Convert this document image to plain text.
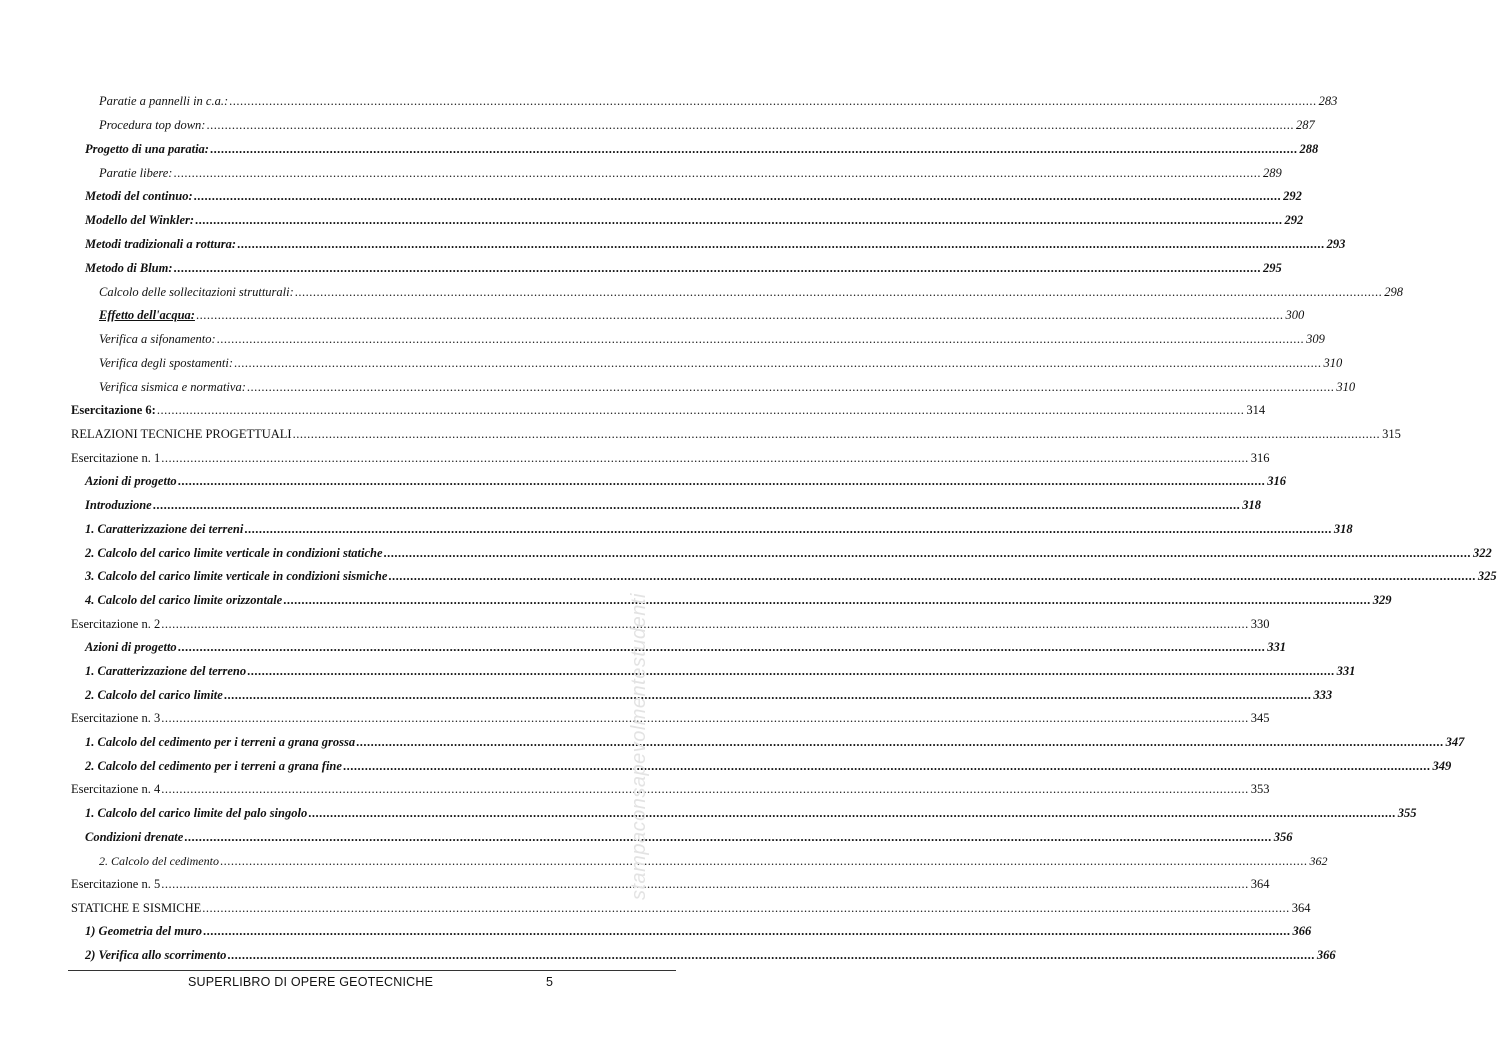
Paratie a pannelli in c.a.: ............................................................................................................................................................................................................................................................................................................ 283
Procedura top down: ............................................................................................................................................................................................................................................................................................................ 287
Progetto di una paratia: ............................................................................................................................................................................................................................................................................................................ 288
Paratie libere: ............................................................................................................................................................................................................................................................................................................ 289
Metodi del continuo: ............................................................................................................................................................................................................................................................................................................ 292
Modello del Winkler: ............................................................................................................................................................................................................................................................................................................ 292
Metodi tradizionali a rottura: ............................................................................................................................................................................................................................................................................................................ 293
Metodo di Blum: ............................................................................................................................................................................................................................................................................................................ 295
Calcolo delle sollecitazioni strutturali: ............................................................................................................................................................................................................................................................................................................ 298
Effetto dell'acqua: ............................................................................................................................................................................................................................................................................................................ 300
Verifica a sifonamento: ............................................................................................................................................................................................................................................................................................................ 309
Verifica degli spostamenti: ............................................................................................................................................................................................................................................................................................................ 310
Verifica sismica e normativa: ............................................................................................................................................................................................................................................................................................................ 310
Esercitazione 6: ............................................................................................................................................................................................................................................................................................................ 314
RELAZIONI TECNICHE PROGETTUALI ............................................................................................................................................................................................................................................................................................................ 315
Esercitazione n. 1 ............................................................................................................................................................................................................................................................................................................ 316
Azioni di progetto ............................................................................................................................................................................................................................................................................................................ 316
Introduzione ............................................................................................................................................................................................................................................................................................................ 318
1. Caratterizzazione dei terreni ............................................................................................................................................................................................................................................................................................................ 318
2. Calcolo del carico limite verticale in condizioni statiche ............................................................................................................................................................................................................................................................................................................ 322
3. Calcolo del carico limite verticale in condizioni sismiche ............................................................................................................................................................................................................................................................................................................ 325
4. Calcolo del carico limite orizzontale ............................................................................................................................................................................................................................................................................................................ 329
Esercitazione n. 2 ............................................................................................................................................................................................................................................................................................................ 330
Azioni di progetto ............................................................................................................................................................................................................................................................................................................ 331
1. Caratterizzazione del terreno ............................................................................................................................................................................................................................................................................................................ 331
2. Calcolo del carico limite ............................................................................................................................................................................................................................................................................................................ 333
Esercitazione n. 3 ............................................................................................................................................................................................................................................................................................................ 345
1. Calcolo del cedimento per i terreni a grana grossa ............................................................................................................................................................................................................................................................................................................ 347
2. Calcolo del cedimento per i terreni a grana fine ............................................................................................................................................................................................................................................................................................................ 349
Esercitazione n. 4 ............................................................................................................................................................................................................................................................................................................ 353
1. Calcolo del carico limite del palo singolo ............................................................................................................................................................................................................................................................................................................ 355
Condizioni drenate ............................................................................................................................................................................................................................................................................................................ 356
2. Calcolo del cedimento ............................................................................................................................................................................................................................................................................................................ 362
Esercitazione n. 5 ............................................................................................................................................................................................................................................................................................................ 364
STATICHE E SISMICHE ............................................................................................................................................................................................................................................................................................................ 364
1) Geometria del muro ............................................................................................................................................................................................................................................................................................................ 366
2) Verifica allo scorrimento ............................................................................................................................................................................................................................................................................................................ 366
SUPERLIBRO DI OPERE GEOTECNICHE	5
stampaconsapevolmentestudenti
